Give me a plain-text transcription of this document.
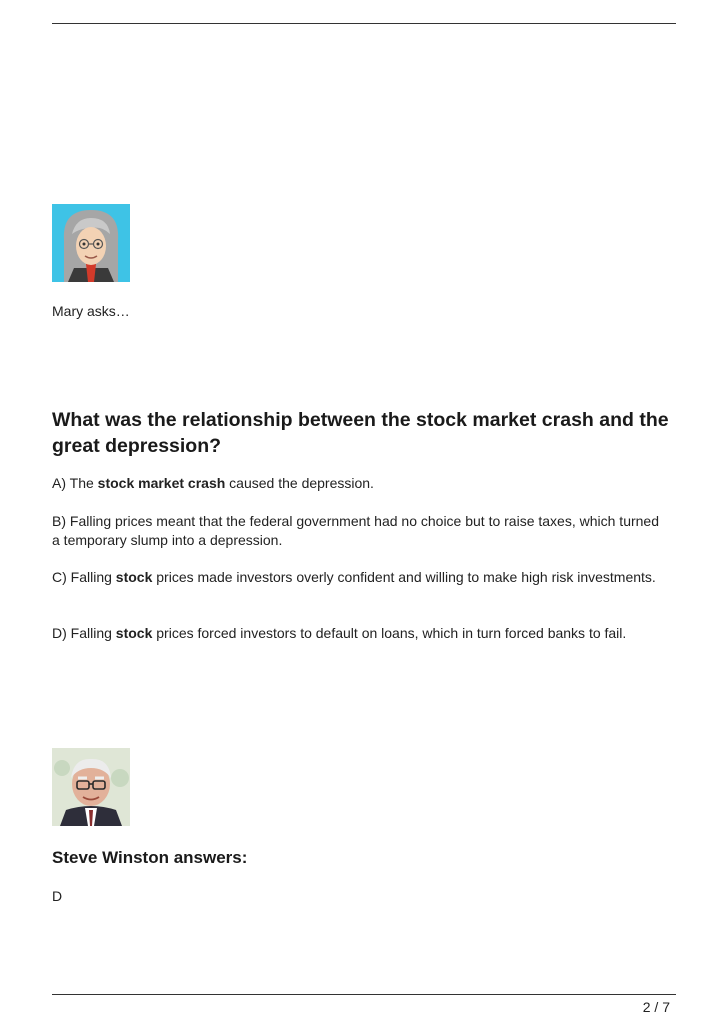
Mary asks…
What was the relationship between the stock market crash and the great depression?
A) The stock market crash caused the depression.
B) Falling prices meant that the federal government had no choice but to raise taxes, which turned a temporary slump into a depression.
C) Falling stock prices made investors overly confident and willing to make high risk investments.
D) Falling stock prices forced investors to default on loans, which in turn forced banks to fail.
Steve Winston answers:
D
2 / 7
